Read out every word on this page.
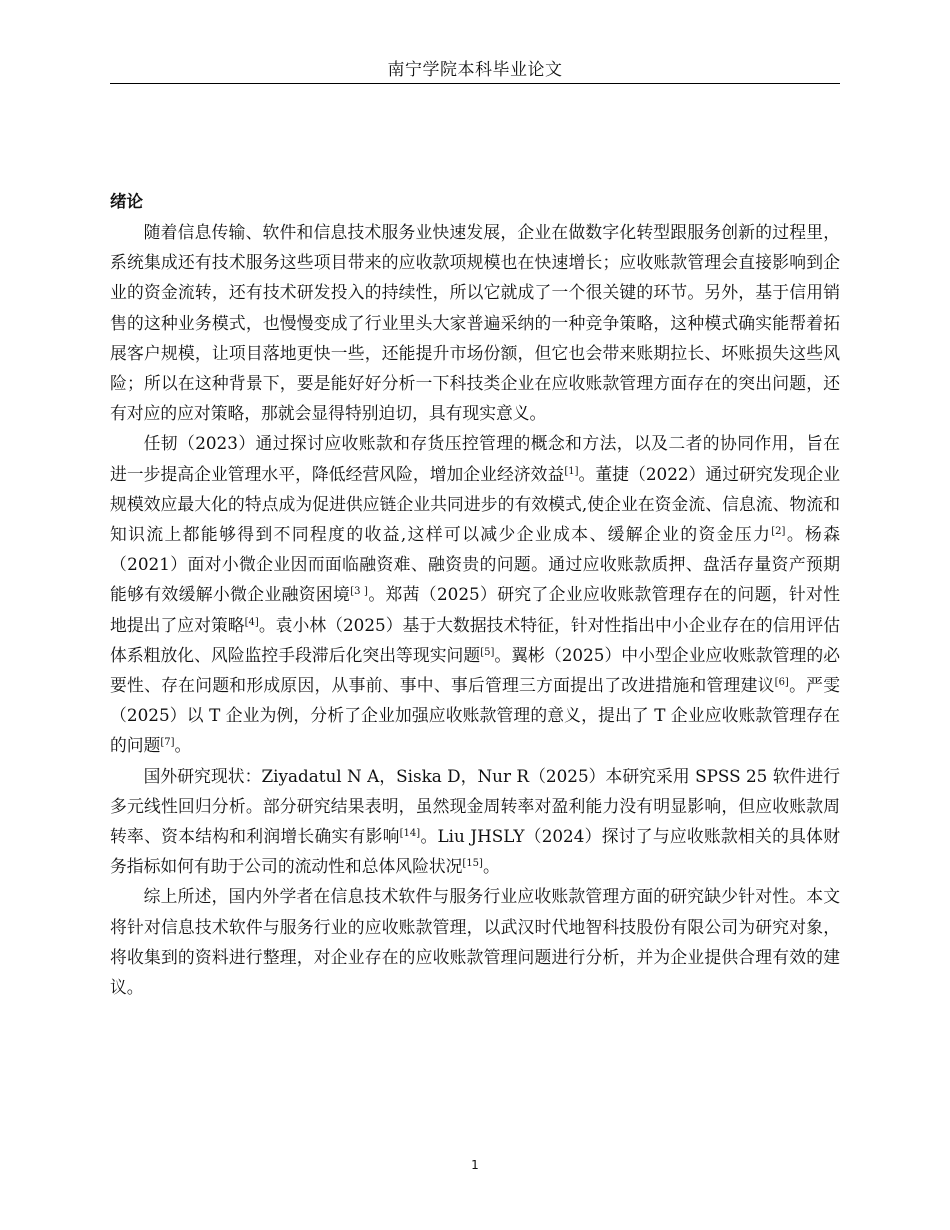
南宁学院本科毕业论文
绪论

随着信息传输、软件和信息技术服务业快速发展，企业在做数字化转型跟服务创新的过程里，系统集成还有技术服务这些项目带来的应收款项规模也在快速增长；应收账款管理会直接影响到企业的资金流转，还有技术研发投入的持续性，所以它就成了一个很关键的环节。另外，基于信用销售的这种业务模式，也慢慢变成了行业里头大家普遍采纳的一种竞争策略，这种模式确实能帮着拓展客户规模，让项目落地更快一些，还能提升市场份额，但它也会带来账期拉长、坏账损失这些风险；所以在这种背景下，要是能好好分析一下科技类企业在应收账款管理方面存在的突出问题，还有对应的应对策略，那就会显得特别迫切，具有现实意义。

任韧（2023）通过探讨应收账款和存货压控管理的概念和方法，以及二者的协同作用，旨在进一步提高企业管理水平，降低经营风险，增加企业经济效益[1]。董捷（2022）通过研究发现企业规模效应最大化的特点成为促进供应链企业共同进步的有效模式,使企业在资金流、信息流、物流和知识流上都能够得到不同程度的收益,这样可以减少企业成本、缓解企业的资金压力[2]。杨森（2021）面对小微企业因而面临融资难、融资贵的问题。通过应收账款质押、盘活存量资产预期能够有效缓解小微企业融资困境[3 ]。郑茜（2025）研究了企业应收账款管理存在的问题，针对性地提出了应对策略[4]。袁小林（2025）基于大数据技术特征，针对性指出中小企业存在的信用评估体系粗放化、风险监控手段滞后化突出等现实问题[5]。翼彬（2025）中小型企业应收账款管理的必要性、存在问题和形成原因，从事前、事中、事后管理三方面提出了改进措施和管理建议[6]。严雯（2025）以 T 企业为例，分析了企业加强应收账款管理的意义，提出了 T 企业应收账款管理存在的问题[7]。

国外研究现状：Ziyadatul N A，Siska D，Nur R（2025）本研究采用 SPSS 25 软件进行多元线性回归分析。部分研究结果表明，虽然现金周转率对盈利能力没有明显影响，但应收账款周转率、资本结构和利润增长确实有影响[14]。Liu JHSLY（2024）探讨了与应收账款相关的具体财务指标如何有助于公司的流动性和总体风险状况[15]。

综上所述，国内外学者在信息技术软件与服务行业应收账款管理方面的研究缺少针对性。本文将针对信息技术软件与服务行业的应收账款管理，以武汉时代地智科技股份有限公司为研究对象，将收集到的资料进行整理，对企业存在的应收账款管理问题进行分析，并为企业提供合理有效的建议。

1
